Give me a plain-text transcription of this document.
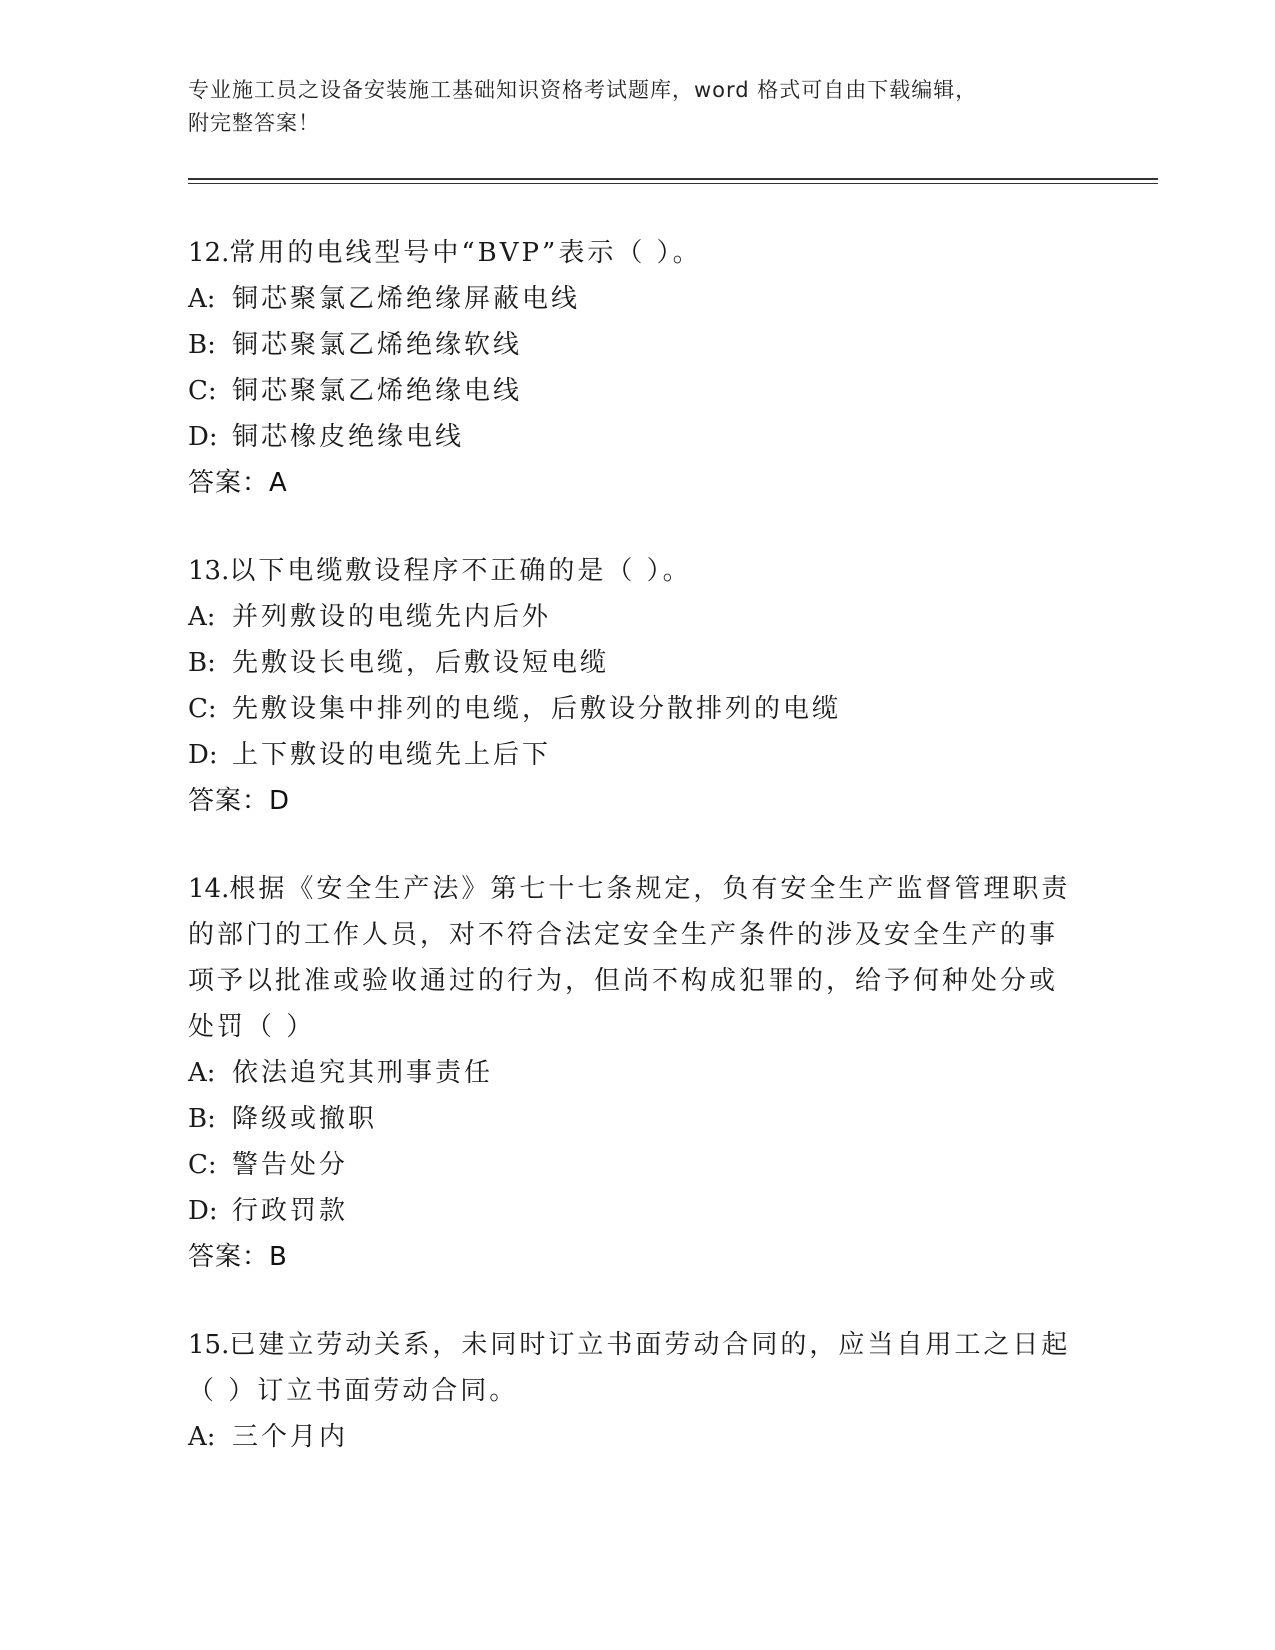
专业施工员之设备安装施工基础知识资格考试题库，word 格式可自由下载编辑，
附完整答案！

12.常用的电线型号中“BVP”表示（ ）。

A: 铜芯聚氯乙烯绝缘屏蔽电线

B: 铜芯聚氯乙烯绝缘软线

C: 铜芯聚氯乙烯绝缘电线

D: 铜芯橡皮绝缘电线

答案：A

13.以下电缆敷设程序不正确的是（ ）。

A: 并列敷设的电缆先内后外

B: 先敷设长电缆，后敷设短电缆

C: 先敷设集中排列的电缆，后敷设分散排列的电缆

D: 上下敷设的电缆先上后下

答案：D

14.根据《安全生产法》第七十七条规定，负有安全生产监督管理职责

的部门的工作人员，对不符合法定安全生产条件的涉及安全生产的事

项予以批准或验收通过的行为，但尚不构成犯罪的，给予何种处分或

处罚（ ）

A: 依法追究其刑事责任

B: 降级或撤职

C: 警告处分

D: 行政罚款

答案：B

15.已建立劳动关系，未同时订立书面劳动合同的，应当自用工之日起

（ ）订立书面劳动合同。

A: 三个月内
